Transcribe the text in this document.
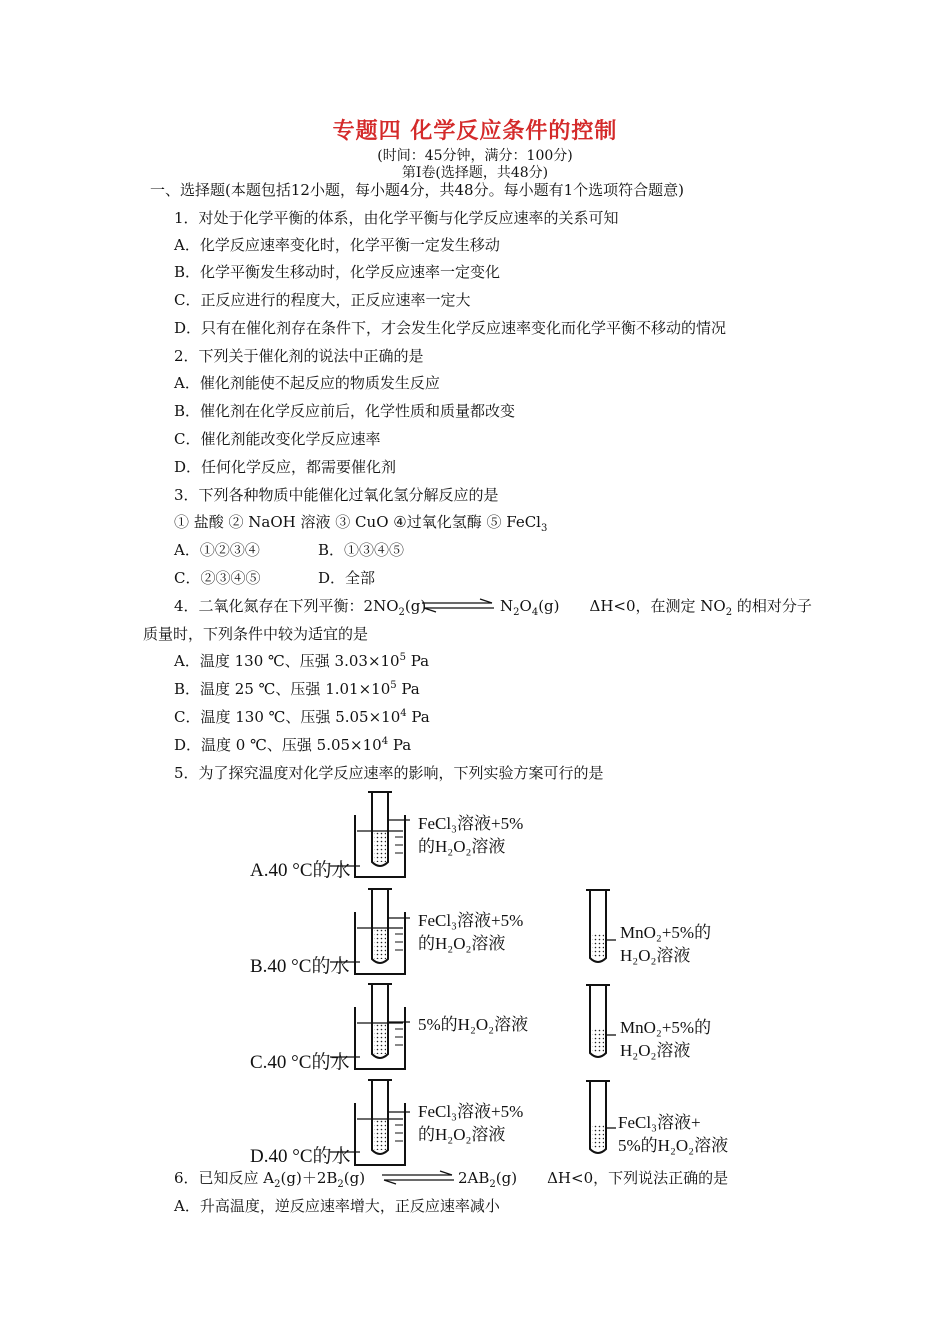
专题四 化学反应条件的控制
(时间：45分钟，满分：100分)
第Ⅰ卷(选择题，共48分)
一、选择题(本题包括12小题，每小题4分，共48分。每小题有1个选项符合题意)
1．对处于化学平衡的体系，由化学平衡与化学反应速率的关系可知
A．化学反应速率变化时，化学平衡一定发生移动
B．化学平衡发生移动时，化学反应速率一定变化
C．正反应进行的程度大，正反应速率一定大
D．只有在催化剂存在条件下，才会发生化学反应速率变化而化学平衡不移动的情况
2．下列关于催化剂的说法中正确的是
A．催化剂能使不起反应的物质发生反应
B．催化剂在化学反应前后，化学性质和质量都改变
C．催化剂能改变化学反应速率
D．任何化学反应，都需要催化剂
3．下列各种物质中能催化过氧化氢分解反应的是
① 盐酸 ② NaOH 溶液 ③ CuO ④过氧化氢酶 ⑤ FeCl$_3$
A．①②③④	B．①③④⑤
C．②③④⑤	D．全部
4．二氧化氮存在下列平衡：$2NO_2(g)$	$N_2O_4(g)$   ΔH<0，在测定 $NO_2$ 的相对分子
质量时，下列条件中较为适宜的是
A．温度 130 ℃、压强 $3.03\times 10^5$ Pa
B．温度 25 ℃、压强 $1.01\times 10^5$ Pa
C．温度 130 ℃、压强 $5.05\times 10^4$ Pa
D．温度 0 ℃、压强 $5.05\times 10^4$ Pa
5．为了探究温度对化学反应速率的影响，下列实验方案可行的是
A.40 °C的水
FeCl₃溶液+5%
的H₂O₂溶液
B.40 °C的水
FeCl₃溶液+5%
的H₂O₂溶液
MnO₂+5%的
H₂O₂溶液
C.40 °C的水
5%的H₂O₂溶液	MnO₂+5%的
H₂O₂溶液
D.40 °C的水
FeCl₃溶液+5%
的H₂O₂溶液
FeCl₃溶液+
5%的H₂O₂溶液
6．已知反应 $A_2(g)+2B_2(g)$	$2AB_2(g)$   ΔH<0，下列说法正确的是
A．升高温度，逆反应速率增大，正反应速率减小
